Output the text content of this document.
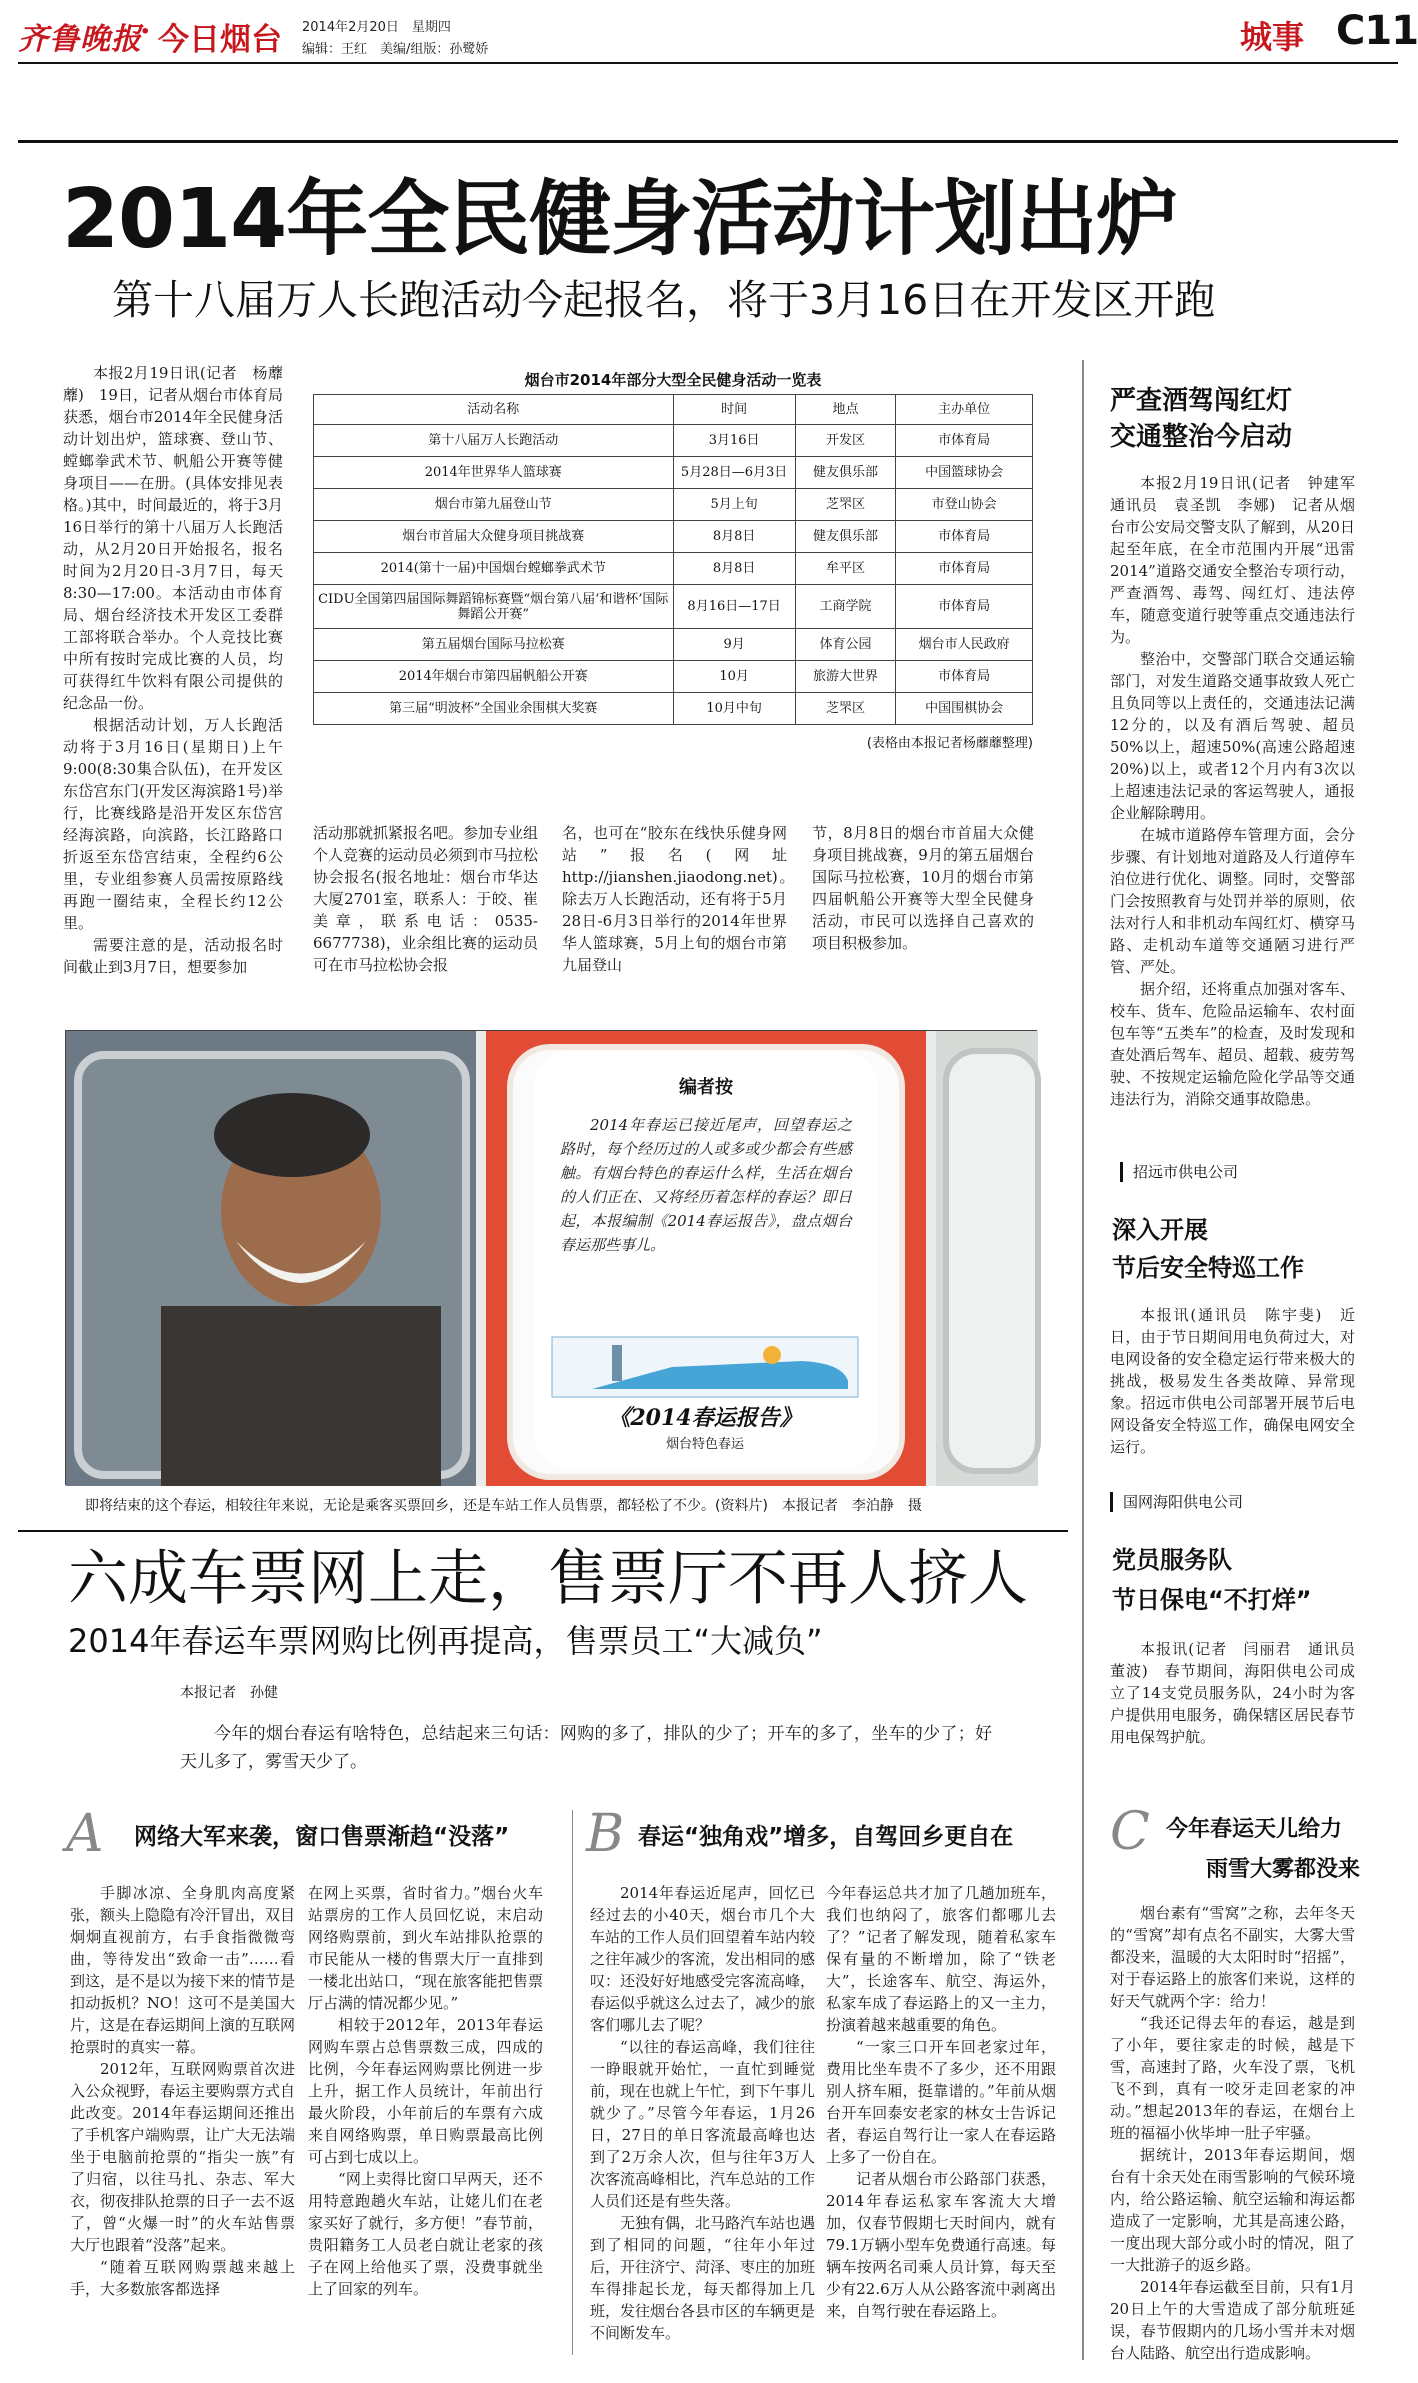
齐鲁晚报
· 今日烟台 2014年2月20日　星期四
编辑：王红　美编/组版：孙鹭娇	城事 C11
2014年全民健身活动计划出炉
第十八届万人长跑活动今起报名，将于3月16日在开发区开跑

本报2月19日讯(记者　杨蘼蘼)　19日，记者从烟台市体育局获悉，烟台市2014年全民健身活动计划出炉，篮球赛、登山节、螳螂拳武术节、帆船公开赛等健身项目——在册。(具体安排见表格。)其中，时间最近的，将于3月16日举行的第十八届万人长跑活动，从2月20日开始报名，报名时间为2月20日-3月7日，每天8:30—17:00。本活动由市体育局、烟台经济技术开发区工委群工部将联合举办。个人竞技比赛中所有按时完成比赛的人员，均可获得红牛饮料有限公司提供的纪念品一份。

根据活动计划，万人长跑活动将于3月16日(星期日)上午9:00(8:30集合队伍)，在开发区东岱宫东门(开发区海滨路1号)举行，比赛线路是沿开发区东岱宫经海滨路，向滨路，长江路路口折返至东岱宫结束，全程约6公里，专业组参赛人员需按原路线再跑一圈结束，全程长约12公里。

需要注意的是，活动报名时间截止到3月7日，想要参加

烟台市2014年部分大型全民健身活动一览表
活动名称	时间	地点	主办单位
第十八届万人长跑活动	3月16日	开发区	市体育局
2014年世界华人篮球赛	5月28日—6月3日	健友俱乐部	中国篮球协会
烟台市第九届登山节	5月上旬	芝罘区	市登山协会
烟台市首届大众健身项目挑战赛	8月8日	健友俱乐部	市体育局
2014(第十一届)中国烟台螳螂拳武术节	8月8日	牟平区	市体育局
CIDU全国第四届国际舞蹈锦标赛暨“烟台第八届‘和谐杯’国际舞蹈公开赛”	8月16日—17日	工商学院	市体育局
第五届烟台国际马拉松赛	9月	体育公园	烟台市人民政府
2014年烟台市第四届帆船公开赛	10月	旅游大世界	市体育局
第三届“明波杯”全国业余围棋大奖赛	10月中旬	芝罘区	中国围棋协会
(表格由本报记者杨蘼蘼整理)
活动那就抓紧报名吧。参加专业组个人竞赛的运动员必须到市马拉松协会报名(报名地址：烟台市华达大厦2701室，联系人：于皎、崔美章，联系电话：0535-6677738)，业余组比赛的运动员可在市马拉松协会报
名，也可在“胶东在线快乐健身网站”报名(网址http://jianshen.jiaodong.net)。　　除去万人长跑活动，还有将于5月28日-6月3日举行的2014年世界华人篮球赛，5月上旬的烟台市第九届登山
节，8月8日的烟台市首届大众健身项目挑战赛，9月的第五届烟台国际马拉松赛，10月的烟台市第四届帆船公开赛等大型全民健身活动，市民可以选择自己喜欢的项目积极参加。
编者按
2014年春运已接近尾声，回望春运之路时，每个经历过的人或多或少都会有些感触。有烟台特色的春运什么样，生活在烟台的人们正在、又将经历着怎样的春运？即日起，本报编制《2014春运报告》，盘点烟台春运那些事儿。
《2014春运报告》
烟台特色春运
即将结束的这个春运，相较往年来说，无论是乘客买票回乡，还是车站工作人员售票，都轻松了不少。(资料片)　本报记者　李泊静　摄
六成车票网上走，售票厅不再人挤人
2014年春运车票网购比例再提高，售票员工“大减负”
本报记者　孙健
今年的烟台春运有啥特色，总结起来三句话：网购的多了，排队的少了；开车的多了，坐车的少了；好天儿多了，雾雪天少了。
A 网络大军来袭，窗口售票渐趋“没落” B 春运“独角戏”增多，自驾回乡更自在

手脚冰凉、全身肌肉高度紧张，额头上隐隐有冷汗冒出，双目炯炯直视前方，右手食指微微弯曲，等待发出“致命一击”……看到这，是不是以为接下来的情节是扣动扳机？NO！这可不是美国大片，这是在春运期间上演的互联网抢票时的真实一幕。

2012年，互联网购票首次进入公众视野，春运主要购票方式自此改变。2014年春运期间还推出了手机客户端购票，让广大无法端坐于电脑前抢票的“指尖一族”有了归宿，以往马扎、杂志、军大衣，彻夜排队抢票的日子一去不返了，曾“火爆一时”的火车站售票大厅也跟着“没落”起来。

“随着互联网购票越来越上手，大多数旅客都选择

在网上买票，省时省力。”烟台火车站票房的工作人员回忆说，末启动网络购票前，到火车站排队抢票的市民能从一楼的售票大厅一直排到一楼北出站口，“现在旅客能把售票厅占满的情况都少见。”

相较于2012年，2013年春运网购车票占总售票数三成，四成的比例，今年春运网购票比例进一步上升，据工作人员统计，年前出行最火阶段，小年前后的车票有六成来自网络购票，单日购票最高比例可占到七成以上。

“网上卖得比窗口早两天，还不用特意跑趟火车站，让姥儿们在老家买好了就行，多方便！”春节前，贵阳籍务工人员老白就让老家的孩子在网上给他买了票，没费事就坐上了回家的列车。

2014年春运近尾声，回忆已经过去的小40天，烟台市几个大车站的工作人员们回望着车站内较之往年减少的客流，发出相同的感叹：还没好好地感受完客流高峰，春运似乎就这么过去了，减少的旅客们哪儿去了呢？

“以往的春运高峰，我们往往一睁眼就开始忙，一直忙到睡觉前，现在也就上午忙，到下午事儿就少了。”尽管今年春运，1月26日，27日的单日客流最高峰也达到了2万余人次，但与往年3万人次客流高峰相比，汽车总站的工作人员们还是有些失落。

无独有偶，北马路汽车站也遇到了相同的问题，“往年小年过后，开往济宁、菏泽、枣庄的加班车得排起长龙，每天都得加上几班，发往烟台各县市区的车辆更是不间断发车。

今年春运总共才加了几趟加班车，我们也纳闷了，旅客们都哪儿去了？”记者了解发现，随着私家车保有量的不断增加，除了“铁老大”，长途客车、航空、海运外，私家车成了春运路上的又一主力，扮演着越来越重要的角色。

“一家三口开车回老家过年，费用比坐车贵不了多少，还不用跟别人挤车厢，挺靠谱的。”年前从烟台开车回泰安老家的林女士告诉记者，春运自驾行让一家人在春运路上多了一份自在。

记者从烟台市公路部门获悉，2014年春运私家车客流大大增加，仅春节假期七天时间内，就有79.1万辆小型车免费通行高速。每辆车按两名司乘人员计算，每天至少有22.6万人从公路客流中剥离出来，自驾行驶在春运路上。

严查酒驾闯红灯
交通整治今启动

本报2月19日讯(记者　钟建军　通讯员　袁圣凯　李娜)　记者从烟台市公安局交警支队了解到，从20日起至年底，在全市范围内开展“迅雷2014”道路交通安全整治专项行动，严查酒驾、毒驾、闯红灯、违法停车，随意变道行驶等重点交通违法行为。

整治中，交警部门联合交通运输部门，对发生道路交通事故致人死亡且负同等以上责任的，交通违法记满12分的，以及有酒后驾驶、超员50%以上，超速50%(高速公路超速20%)以上，或者12个月内有3次以上超速违法记录的客运驾驶人，通报企业解除聘用。

在城市道路停车管理方面，会分步骤、有计划地对道路及人行道停车泊位进行优化、调整。同时，交警部门会按照教育与处罚并举的原则，依法对行人和非机动车闯红灯、横穿马路、走机动车道等交通陋习进行严管、严处。

据介绍，还将重点加强对客车、校车、货车、危险品运输车、农村面包车等“五类车”的检查，及时发现和查处酒后驾车、超员、超载、疲劳驾驶、不按规定运输危险化学品等交通违法行为，消除交通事故隐患。

招远市供电公司
深入开展
节后安全特巡工作

本报讯(通讯员　陈宇斐)　近日，由于节日期间用电负荷过大，对电网设备的安全稳定运行带来极大的挑战，极易发生各类故障、异常现象。招远市供电公司部署开展节后电网设备安全特巡工作，确保电网安全运行。

国网海阳供电公司
党员服务队
节日保电“不打烊”

本报讯(记者　闫丽君　通讯员　董波)　春节期间，海阳供电公司成立了14支党员服务队，24小时为客户提供用电服务，确保辖区居民春节用电保驾护航。

C 今年春运天儿给力
雨雪大雾都没来

烟台素有“雪窝”之称，去年冬天的“雪窝”却有点名不副实，大雾大雪都没来，温暖的大太阳时时“招摇”，对于春运路上的旅客们来说，这样的好天气就两个字：给力！

“我还记得去年的春运，越是到了小年，要往家走的时候，越是下雪，高速封了路，火车没了票，飞机飞不到，真有一咬牙走回老家的冲动。”想起2013年的春运，在烟台上班的福福小伙毕坤一肚子牢骚。

据统计，2013年春运期间，烟台有十余天处在雨雪影响的气候环境内，给公路运输、航空运输和海运都造成了一定影响，尤其是高速公路，一度出现大部分或小时的情况，阻了一大批游子的返乡路。

2014年春运截至目前，只有1月20日上午的大雪造成了部分航班延误，春节假期内的几场小雪并未对烟台人陆路、航空出行造成影响。
